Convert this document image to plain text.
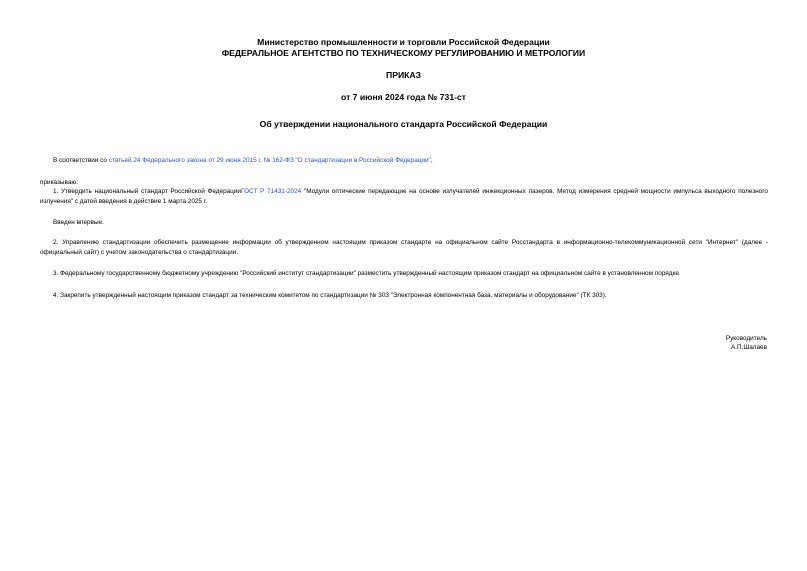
Министерство промышленности и торговли Российской Федерации
ФЕДЕРАЛЬНОЕ АГЕНТСТВО ПО ТЕХНИЧЕСКОМУ РЕГУЛИРОВАНИЮ И МЕТРОЛОГИИ
ПРИКАЗ
от 7 июня 2024 года № 731-ст
Об утверждении национального стандарта Российской Федерации
В соответствии со статьей 24 Федерального закона от 29 июня 2015 г. № 162-ФЗ "О стандартизации в Российской Федерации",
приказываю:
1. Утвердить национальный стандарт Российской ФедерацииГОСТ Р 71431-2024 "Модули оптические передающие на основе излучателей инжекционных лазеров. Метод измерения средней мощности импульса выходного полезного излучения" с датой введения в действие 1 марта 2025 г.
Введен впервые.
2. Управлению стандартизации обеспечить размещение информации об утвержденном настоящим приказом стандарте на официальном сайте Росстандарта в информационно-телекоммуникационной сети "Интернет" (далее - официальный сайт) с учетом законодательства о стандартизации.
3. Федеральному государственному бюджетному учреждению "Российский институт стандартизации" разместить утвержденный настоящим приказом стандарт на официальном сайте в установленном порядке.
4. Закрепить утвержденный настоящим приказом стандарт за техническим комитетом по стандартизации № 303 "Электронная компонентная база, материалы и оборудование" (ТК 303).
Руководитель
А.П.Шалаев
